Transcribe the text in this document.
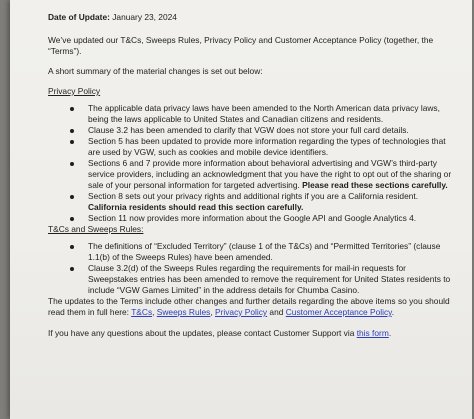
Date of Update: January 23, 2024

We’ve updated our T&Cs, Sweeps Rules, Privacy Policy and Customer Acceptance Policy (together, the “Terms”).

A short summary of the material changes is set out below:

Privacy Policy

The applicable data privacy laws have been amended to the North American data privacy laws, being the laws applicable to United States and Canadian citizens and residents.
Clause 3.2 has been amended to clarify that VGW does not store your full card details.
Section 5 has been updated to provide more information regarding the types of technologies that are used by VGW, such as cookies and mobile device identifiers.
Sections 6 and 7 provide more information about behavioral advertising and VGW’s third-party service providers, including an acknowledgment that you have the right to opt out of the sharing or sale of your personal information for targeted advertising. Please read these sections carefully.
Section 8 sets out your privacy rights and additional rights if you are a California resident. California residents should read this section carefully.
Section 11 now provides more information about the Google API and Google Analytics 4.

T&Cs and Sweeps Rules:

The definitions of “Excluded Territory” (clause 1 of the T&Cs) and “Permitted Territories” (clause 1.1(b) of the Sweeps Rules) have been amended.
Clause 3.2(d) of the Sweeps Rules regarding the requirements for mail-in requests for Sweepstakes entries has been amended to remove the requirement for United States residents to include “VGW Games Limited” in the address details for Chumba Casino.

The updates to the Terms include other changes and further details regarding the above items so you should read them in full here: T&Cs, Sweeps Rules, Privacy Policy and Customer Acceptance Policy.

If you have any questions about the updates, please contact Customer Support via this form.
